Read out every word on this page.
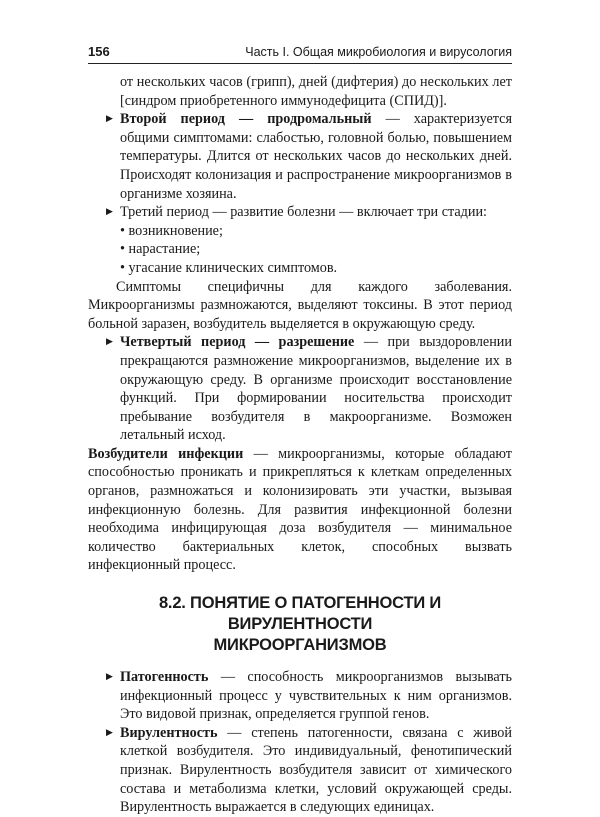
156	Часть I. Общая микробиология и вирусология

от нескольких часов (грипп), дней (дифтерия) до нескольких лет [синдром приобретенного иммунодефицита (СПИД)].

▶ Второй период — продромальный — характеризуется общими симптомами: слабостью, головной болью, повышением температуры. Длится от нескольких часов до нескольких дней. Происходят колонизация и распространение микроорганизмов в организме хозяина.

▶ Третий период — развитие болезни — включает три стадии:

• возникновение;

• нарастание;

• угасание клинических симптомов.

Симптомы специфичны для каждого заболевания. Микроорганизмы размножаются, выделяют токсины. В этот период больной заразен, возбудитель выделяется в окружающую среду.

▶ Четвертый период — разрешение — при выздоровлении прекращаются размножение микроорганизмов, выделение их в окружающую среду. В организме происходит восстановление функций. При формировании носительства происходит пребывание возбудителя в макроорганизме. Возможен летальный исход.

Возбудители инфекции — микроорганизмы, которые обладают способностью проникать и прикрепляться к клеткам определенных органов, размножаться и колонизировать эти участки, вызывая инфекционную болезнь. Для развития инфекционной болезни необходима инфицирующая доза возбудителя — минимальное количество бактериальных клеток, способных вызвать инфекционный процесс.

8.2. ПОНЯТИЕ О ПАТОГЕННОСТИ И ВИРУЛЕНТНОСТИ
МИКРООРГАНИЗМОВ

▶ Патогенность — способность микроорганизмов вызывать инфекционный процесс у чувствительных к ним организмов. Это видовой признак, определяется группой генов.

▶ Вирулентность — степень патогенности, связана с живой клеткой возбудителя. Это индивидуальный, фенотипический признак. Вирулентность возбудителя зависит от химического состава и метаболизма клетки, условий окружающей среды. Вирулентность выражается в следующих единицах.
